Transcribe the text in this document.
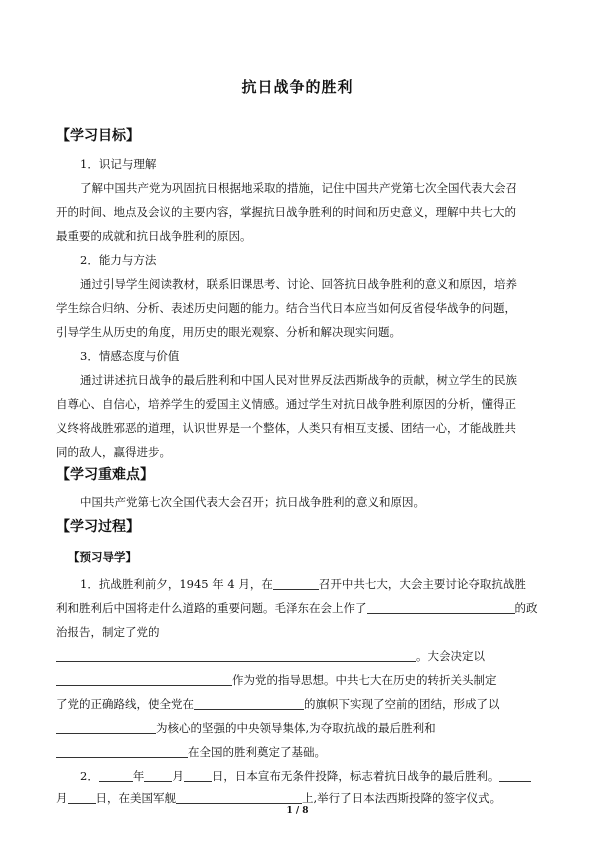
抗日战争的胜利
【学习目标】
1．识记与理解
了解中国共产党为巩固抗日根据地采取的措施，记住中国共产党第七次全国代表大会召
开的时间、地点及会议的主要内容，掌握抗日战争胜利的时间和历史意义，理解中共七大的
最重要的成就和抗日战争胜利的原因。
2．能力与方法
通过引导学生阅读教材，联系旧课思考、讨论、回答抗日战争胜利的意义和原因，培养
学生综合归纳、分析、表述历史问题的能力。结合当代日本应当如何反省侵华战争的问题，
引导学生从历史的角度，用历史的眼光观察、分析和解决现实问题。
3．情感态度与价值
通过讲述抗日战争的最后胜利和中国人民对世界反法西斯战争的贡献，树立学生的民族
自尊心、自信心，培养学生的爱国主义情感。通过学生对抗日战争胜利原因的分析，懂得正
义终将战胜邪恶的道理，认识世界是一个整体，人类只有相互支援、团结一心，才能战胜共
同的敌人，赢得进步。
【学习重难点】
中国共产党第七次全国代表大会召开；抗日战争胜利的意义和原因。
【学习过程】
【预习导学】
1．抗战胜利前夕，1945 年 4 月，在	召开中共七大，大会主要讨论夺取抗战胜
利和胜利后中国将走什么道路的重要问题。毛泽东在会上作了	的政
治报告，制定了党的
。大会决定以
作为党的指导思想。中共七大在历史的转折关头制定
了党的正确路线，使全党在	的旗帜下实现了空前的团结，形成了以
为核心的坚强的中央领导集体,为夺取抗战的最后胜利和
在全国的胜利奠定了基础。
2．	年 月 日，日本宣布无条件投降，标志着抗日战争的最后胜利。
月 日，在美国军舰	上,举行了日本法西斯投降的签字仪式。
1 / 8
